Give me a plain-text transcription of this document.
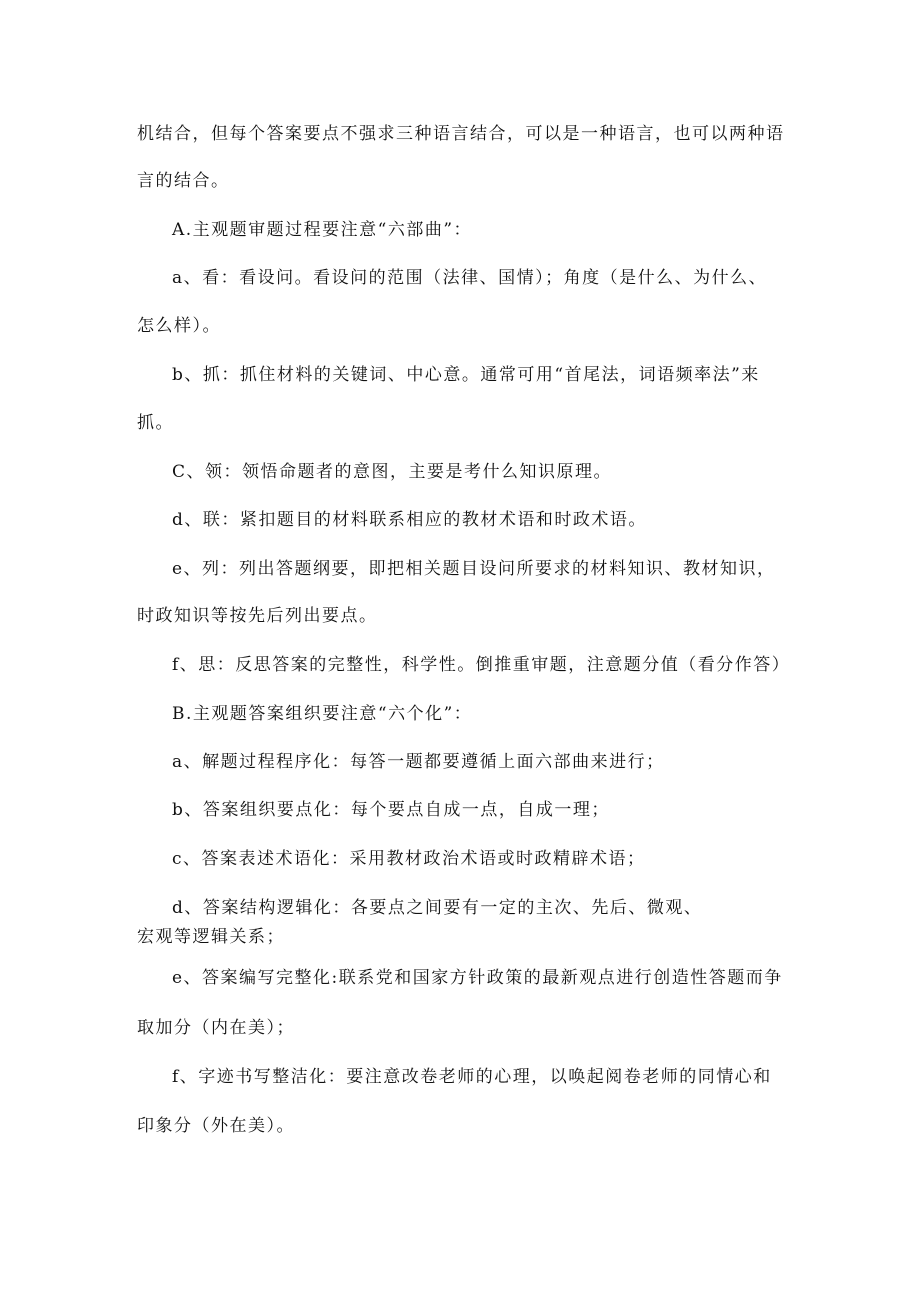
机结合，但每个答案要点不强求三种语言结合，可以是一种语言，也可以两种语
言的结合。
A.主观题审题过程要注意“六部曲”：
a、看：看设问。看设问的范围（法律、国情）；角度（是什么、为什么、
怎么样）。
b、抓：抓住材料的关键词、中心意。通常可用“首尾法，词语频率法”来
抓。
C、领：领悟命题者的意图，主要是考什么知识原理。
d、联：紧扣题目的材料联系相应的教材术语和时政术语。
e、列：列出答题纲要，即把相关题目设问所要求的材料知识、教材知识，
时政知识等按先后列出要点。
f、思：反思答案的完整性，科学性。倒推重审题，注意题分值（看分作答）
B.主观题答案组织要注意“六个化”：
a、解题过程程序化：每答一题都要遵循上面六部曲来进行；
b、答案组织要点化：每个要点自成一点，自成一理；
c、答案表述术语化：采用教材政治术语或时政精辟术语；
d、答案结构逻辑化：各要点之间要有一定的主次、先后、微观、
宏观等逻辑关系；
e、答案编写完整化:联系党和国家方针政策的最新观点进行创造性答题而争
取加分（内在美）；
f、字迹书写整洁化：要注意改卷老师的心理，以唤起阅卷老师的同情心和
印象分（外在美）。
